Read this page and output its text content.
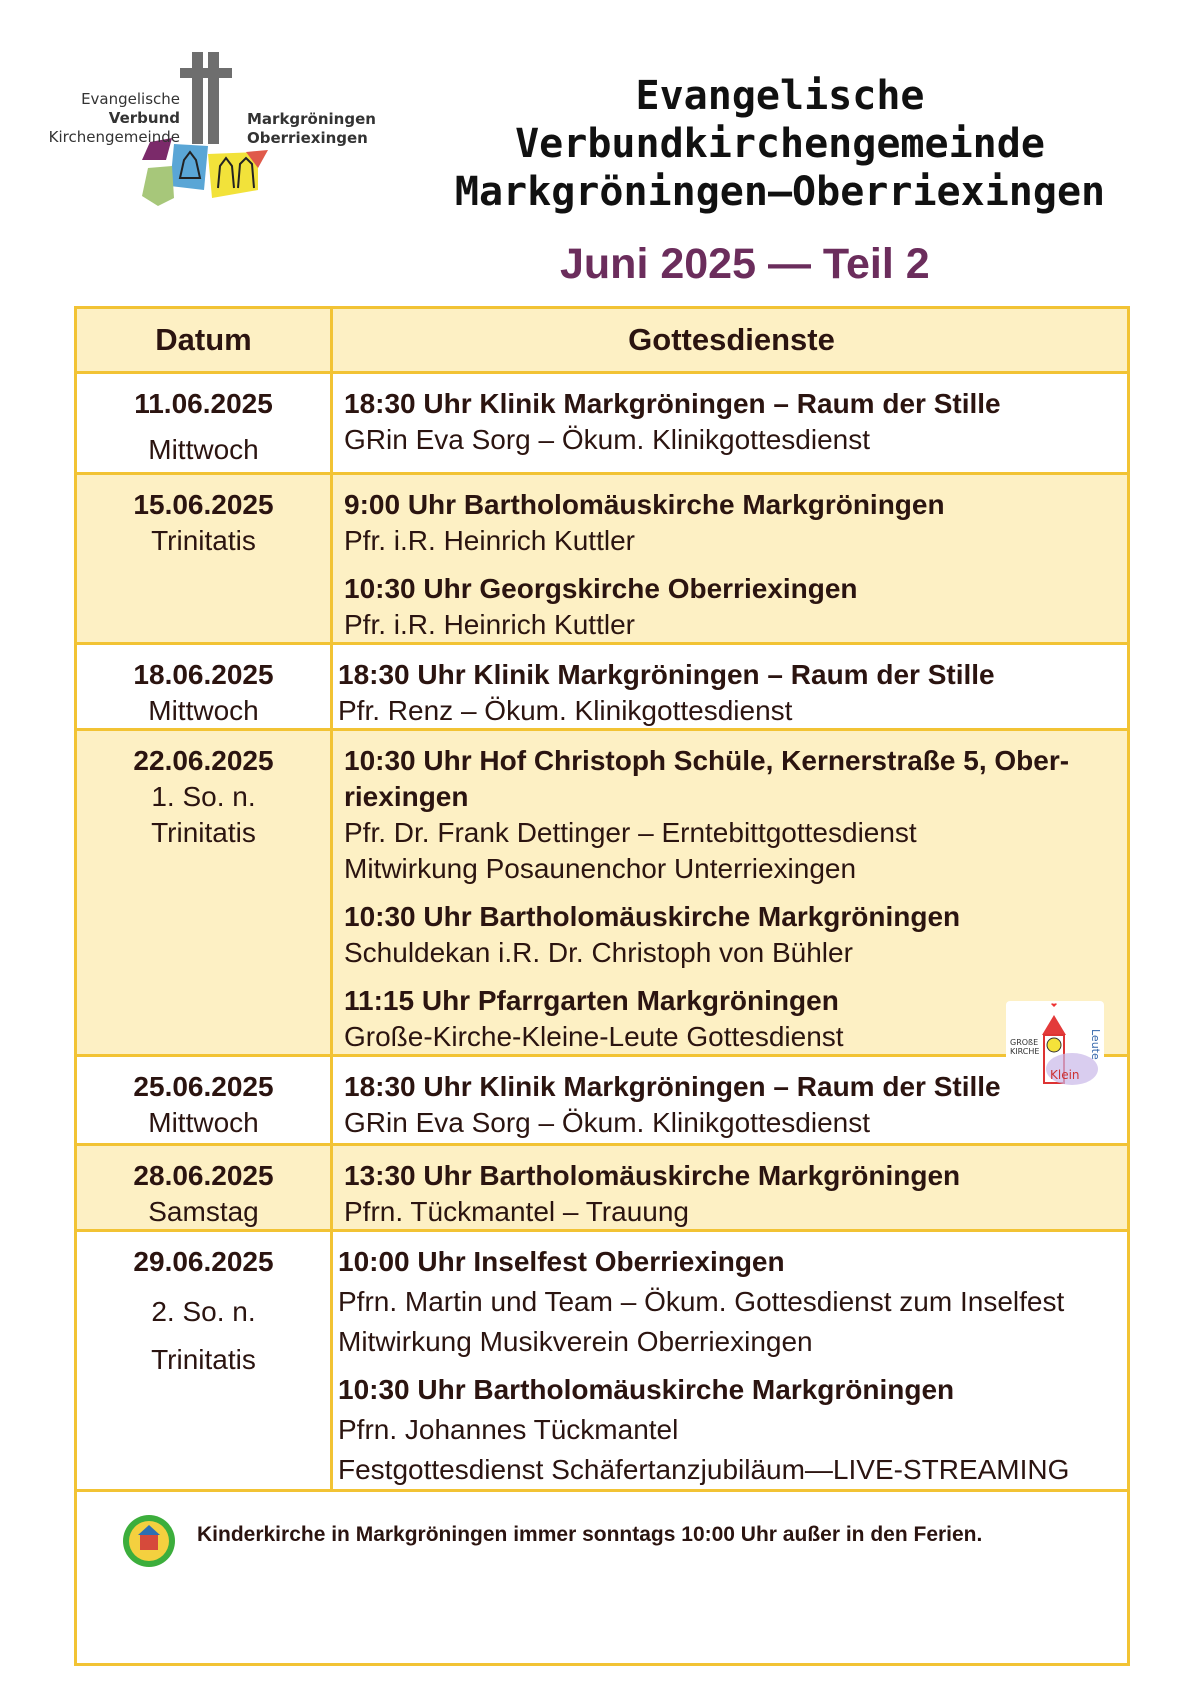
Evangelische
Verbund
Kirchengemeinde
Markgröningen
Oberriexingen
Evangelische
Verbundkirchengemeinde
Markgröningen—Oberriexingen
Juni 2025 — Teil 2
Datum	Gottesdienste
11.06.2025
Mittwoch
18:30 Uhr Klinik Markgröningen – Raum der Stille
GRin Eva Sorg – Ökum. Klinikgottesdienst
15.06.2025
Trinitatis
9:00 Uhr Bartholomäuskirche Markgröningen
Pfr. i.R. Heinrich Kuttler
10:30 Uhr Georgskirche Oberriexingen
Pfr. i.R. Heinrich Kuttler
18.06.2025
Mittwoch
18:30 Uhr Klinik Markgröningen – Raum der Stille
Pfr. Renz – Ökum. Klinikgottesdienst
22.06.2025
1. So. n.
Trinitatis
10:30 Uhr Hof Christoph Schüle, Kernerstraße 5, Ober-
riexingen
Pfr. Dr. Frank Dettinger – Erntebittgottesdienst
Mitwirkung Posaunenchor Unterriexingen
10:30 Uhr Bartholomäuskirche Markgröningen
Schuldekan i.R. Dr. Christoph von Bühler
11:15 Uhr Pfarrgarten Markgröningen
Große-Kirche-Kleine-Leute Gottesdienst
25.06.2025
Mittwoch
18:30 Uhr Klinik Markgröningen – Raum der Stille
GRin Eva Sorg – Ökum. Klinikgottesdienst
28.06.2025
Samstag
13:30 Uhr Bartholomäuskirche Markgröningen
Pfrn. Tückmantel – Trauung
29.06.2025
2. So. n.
Trinitatis
10:00 Uhr Inselfest Oberriexingen
Pfrn. Martin und Team – Ökum. Gottesdienst zum Inselfest
Mitwirkung Musikverein Oberriexingen
10:30 Uhr Bartholomäuskirche Markgröningen
Pfrn. Johannes Tückmantel
Festgottesdienst Schäfertanzjubiläum—LIVE-STREAMING
Kinderkirche in Markgröningen immer sonntags 10:00 Uhr außer in den Ferien.
GROßE
KIRCHE
Klein
Leute
